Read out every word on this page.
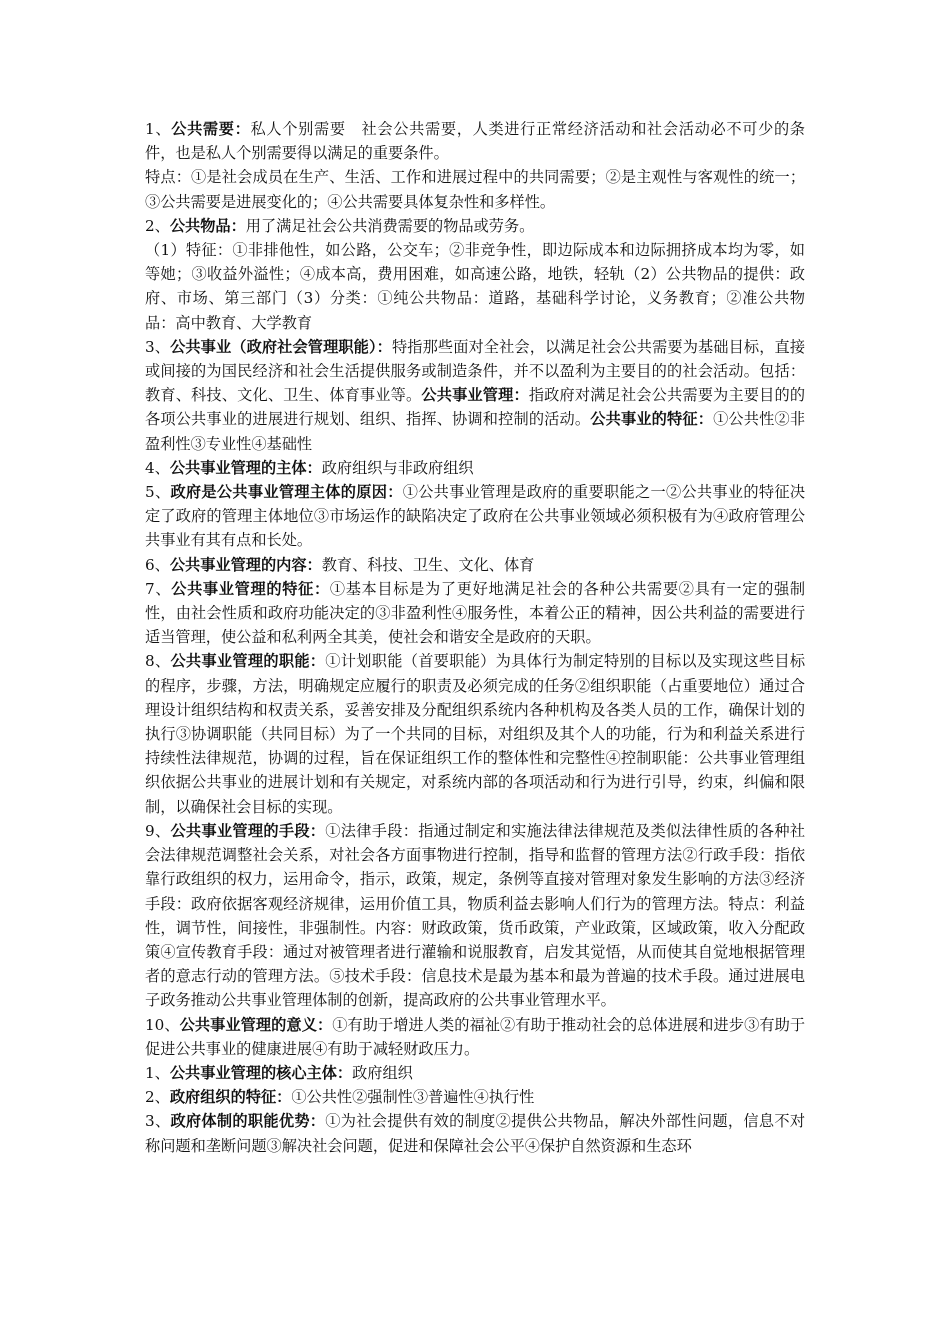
1、公共需要：私人个别需要　社会公共需要，人类进行正常经济活动和社会活动必不可少的条件，也是私人个别需要得以满足的重要条件。

特点：①是社会成员在生产、生活、工作和进展过程中的共同需要；②是主观性与客观性的统一；③公共需要是进展变化的；④公共需要具体复杂性和多样性。

2、公共物品：用了满足社会公共消费需要的物品或劳务。

（1）特征：①非排他性，如公路，公交车；②非竞争性，即边际成本和边际拥挤成本均为零，如等她；③收益外溢性；④成本高，费用困难，如高速公路，地铁，轻轨（2）公共物品的提供：政府、市场、第三部门（3）分类：①纯公共物品：道路，基础科学讨论，义务教育；②准公共物品：高中教育、大学教育

3、公共事业（政府社会管理职能）：特指那些面对全社会，以满足社会公共需要为基础目标，直接或间接的为国民经济和社会生活提供服务或制造条件，并不以盈利为主要目的的社会活动。包括：教育、科技、文化、卫生、体育事业等。公共事业管理：指政府对满足社会公共需要为主要目的的各项公共事业的进展进行规划、组织、指挥、协调和控制的活动。公共事业的特征：①公共性②非盈利性③专业性④基础性

4、公共事业管理的主体：政府组织与非政府组织

5、政府是公共事业管理主体的原因：①公共事业管理是政府的重要职能之一②公共事业的特征决定了政府的管理主体地位③市场运作的缺陷决定了政府在公共事业领域必须积极有为④政府管理公共事业有其有点和长处。

6、公共事业管理的内容：教育、科技、卫生、文化、体育

7、公共事业管理的特征：①基本目标是为了更好地满足社会的各种公共需要②具有一定的强制性，由社会性质和政府功能决定的③非盈利性④服务性，本着公正的精神，因公共利益的需要进行适当管理，使公益和私利两全其美，使社会和谐安全是政府的天职。

8、公共事业管理的职能：①计划职能（首要职能）为具体行为制定特别的目标以及实现这些目标的程序，步骤，方法，明确规定应履行的职责及必须完成的任务②组织职能（占重要地位）通过合理设计组织结构和权责关系，妥善安排及分配组织系统内各种机构及各类人员的工作，确保计划的执行③协调职能（共同目标）为了一个共同的目标，对组织及其个人的功能，行为和利益关系进行持续性法律规范，协调的过程，旨在保证组织工作的整体性和完整性④控制职能：公共事业管理组织依据公共事业的进展计划和有关规定，对系统内部的各项活动和行为进行引导，约束，纠偏和限制，以确保社会目标的实现。

9、公共事业管理的手段：①法律手段：指通过制定和实施法律法律规范及类似法律性质的各种社会法律规范调整社会关系，对社会各方面事物进行控制，指导和监督的管理方法②行政手段：指依靠行政组织的权力，运用命令，指示，政策，规定，条例等直接对管理对象发生影响的方法③经济手段：政府依据客观经济规律，运用价值工具，物质利益去影响人们行为的管理方法。特点：利益性，调节性，间接性，非强制性。内容：财政政策，货币政策，产业政策，区域政策，收入分配政策④宣传教育手段：通过对被管理者进行灌输和说服教育，启发其觉悟，从而使其自觉地根据管理者的意志行动的管理方法。⑤技术手段：信息技术是最为基本和最为普遍的技术手段。通过进展电子政务推动公共事业管理体制的创新，提高政府的公共事业管理水平。

10、公共事业管理的意义：①有助于增进人类的福祉②有助于推动社会的总体进展和进步③有助于促进公共事业的健康进展④有助于减轻财政压力。

1、公共事业管理的核心主体：政府组织

2、政府组织的特征：①公共性②强制性③普遍性④执行性

3、政府体制的职能优势：①为社会提供有效的制度②提供公共物品，解决外部性问题，信息不对称问题和垄断问题③解决社会问题，促进和保障社会公平④保护自然资源和生态环
